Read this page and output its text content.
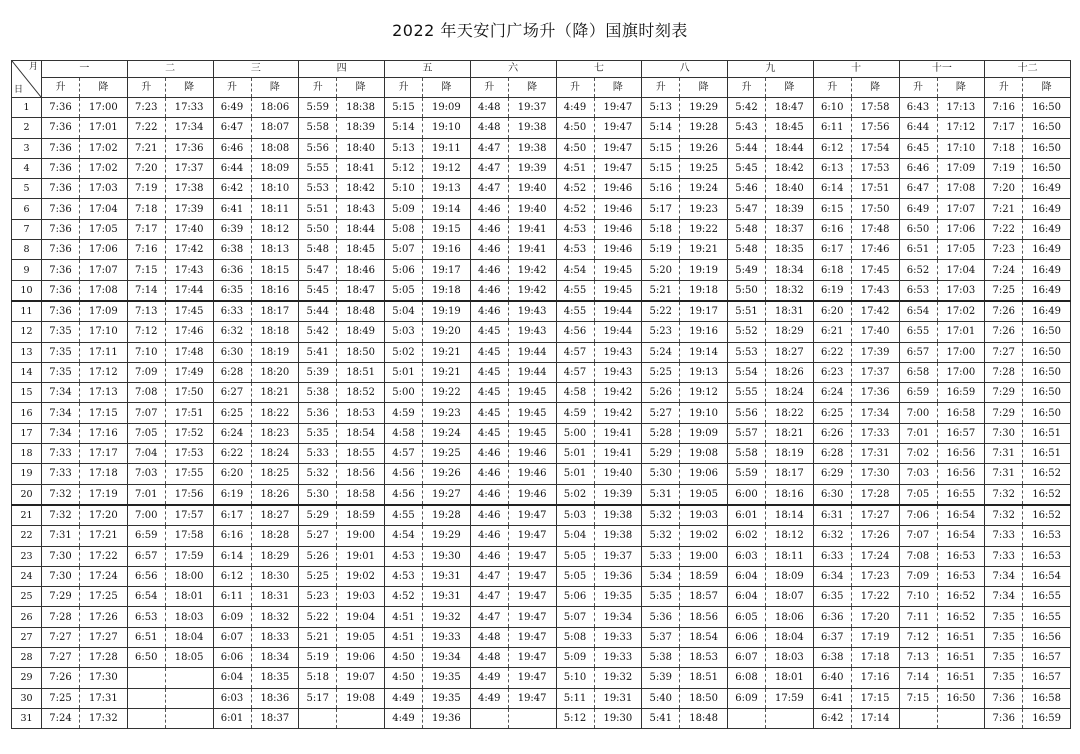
2022 年天安门广场升（降）国旗时刻表
月
日	一		二		三		四		五		六		七		八		九		十		十一		十二	
	升	降	升	降	升	降	升	降	升	降	升	降	升	降	升	降	升	降	升	降	升	降	升	降
1	7:36	17:00	7:23	17:33	6:49	18:06	5:59	18:38	5:15	19:09	4:48	19:37	4:49	19:47	5:13	19:29	5:42	18:47	6:10	17:58	6:43	17:13	7:16	16:50
2	7:36	17:01	7:22	17:34	6:47	18:07	5:58	18:39	5:14	19:10	4:48	19:38	4:50	19:47	5:14	19:28	5:43	18:45	6:11	17:56	6:44	17:12	7:17	16:50
3	7:36	17:02	7:21	17:36	6:46	18:08	5:56	18:40	5:13	19:11	4:47	19:38	4:50	19:47	5:15	19:26	5:44	18:44	6:12	17:54	6:45	17:10	7:18	16:50
4	7:36	17:02	7:20	17:37	6:44	18:09	5:55	18:41	5:12	19:12	4:47	19:39	4:51	19:47	5:15	19:25	5:45	18:42	6:13	17:53	6:46	17:09	7:19	16:50
5	7:36	17:03	7:19	17:38	6:42	18:10	5:53	18:42	5:10	19:13	4:47	19:40	4:52	19:46	5:16	19:24	5:46	18:40	6:14	17:51	6:47	17:08	7:20	16:49
6	7:36	17:04	7:18	17:39	6:41	18:11	5:51	18:43	5:09	19:14	4:46	19:40	4:52	19:46	5:17	19:23	5:47	18:39	6:15	17:50	6:49	17:07	7:21	16:49
7	7:36	17:05	7:17	17:40	6:39	18:12	5:50	18:44	5:08	19:15	4:46	19:41	4:53	19:46	5:18	19:22	5:48	18:37	6:16	17:48	6:50	17:06	7:22	16:49
8	7:36	17:06	7:16	17:42	6:38	18:13	5:48	18:45	5:07	19:16	4:46	19:41	4:53	19:46	5:19	19:21	5:48	18:35	6:17	17:46	6:51	17:05	7:23	16:49
9	7:36	17:07	7:15	17:43	6:36	18:15	5:47	18:46	5:06	19:17	4:46	19:42	4:54	19:45	5:20	19:19	5:49	18:34	6:18	17:45	6:52	17:04	7:24	16:49
10	7:36	17:08	7:14	17:44	6:35	18:16	5:45	18:47	5:05	19:18	4:46	19:42	4:55	19:45	5:21	19:18	5:50	18:32	6:19	17:43	6:53	17:03	7:25	16:49
11	7:36	17:09	7:13	17:45	6:33	18:17	5:44	18:48	5:04	19:19	4:46	19:43	4:55	19:44	5:22	19:17	5:51	18:31	6:20	17:42	6:54	17:02	7:26	16:49
12	7:35	17:10	7:12	17:46	6:32	18:18	5:42	18:49	5:03	19:20	4:45	19:43	4:56	19:44	5:23	19:16	5:52	18:29	6:21	17:40	6:55	17:01	7:26	16:50
13	7:35	17:11	7:10	17:48	6:30	18:19	5:41	18:50	5:02	19:21	4:45	19:44	4:57	19:43	5:24	19:14	5:53	18:27	6:22	17:39	6:57	17:00	7:27	16:50
14	7:35	17:12	7:09	17:49	6:28	18:20	5:39	18:51	5:01	19:21	4:45	19:44	4:57	19:43	5:25	19:13	5:54	18:26	6:23	17:37	6:58	17:00	7:28	16:50
15	7:34	17:13	7:08	17:50	6:27	18:21	5:38	18:52	5:00	19:22	4:45	19:45	4:58	19:42	5:26	19:12	5:55	18:24	6:24	17:36	6:59	16:59	7:29	16:50
16	7:34	17:15	7:07	17:51	6:25	18:22	5:36	18:53	4:59	19:23	4:45	19:45	4:59	19:42	5:27	19:10	5:56	18:22	6:25	17:34	7:00	16:58	7:29	16:50
17	7:34	17:16	7:05	17:52	6:24	18:23	5:35	18:54	4:58	19:24	4:45	19:45	5:00	19:41	5:28	19:09	5:57	18:21	6:26	17:33	7:01	16:57	7:30	16:51
18	7:33	17:17	7:04	17:53	6:22	18:24	5:33	18:55	4:57	19:25	4:46	19:46	5:01	19:41	5:29	19:08	5:58	18:19	6:28	17:31	7:02	16:56	7:31	16:51
19	7:33	17:18	7:03	17:55	6:20	18:25	5:32	18:56	4:56	19:26	4:46	19:46	5:01	19:40	5:30	19:06	5:59	18:17	6:29	17:30	7:03	16:56	7:31	16:52
20	7:32	17:19	7:01	17:56	6:19	18:26	5:30	18:58	4:56	19:27	4:46	19:46	5:02	19:39	5:31	19:05	6:00	18:16	6:30	17:28	7:05	16:55	7:32	16:52
21	7:32	17:20	7:00	17:57	6:17	18:27	5:29	18:59	4:55	19:28	4:46	19:47	5:03	19:38	5:32	19:03	6:01	18:14	6:31	17:27	7:06	16:54	7:32	16:52
22	7:31	17:21	6:59	17:58	6:16	18:28	5:27	19:00	4:54	19:29	4:46	19:47	5:04	19:38	5:32	19:02	6:02	18:12	6:32	17:26	7:07	16:54	7:33	16:53
23	7:30	17:22	6:57	17:59	6:14	18:29	5:26	19:01	4:53	19:30	4:46	19:47	5:05	19:37	5:33	19:00	6:03	18:11	6:33	17:24	7:08	16:53	7:33	16:53
24	7:30	17:24	6:56	18:00	6:12	18:30	5:25	19:02	4:53	19:31	4:47	19:47	5:05	19:36	5:34	18:59	6:04	18:09	6:34	17:23	7:09	16:53	7:34	16:54
25	7:29	17:25	6:54	18:01	6:11	18:31	5:23	19:03	4:52	19:31	4:47	19:47	5:06	19:35	5:35	18:57	6:04	18:07	6:35	17:22	7:10	16:52	7:34	16:55
26	7:28	17:26	6:53	18:03	6:09	18:32	5:22	19:04	4:51	19:32	4:47	19:47	5:07	19:34	5:36	18:56	6:05	18:06	6:36	17:20	7:11	16:52	7:35	16:55
27	7:27	17:27	6:51	18:04	6:07	18:33	5:21	19:05	4:51	19:33	4:48	19:47	5:08	19:33	5:37	18:54	6:06	18:04	6:37	17:19	7:12	16:51	7:35	16:56
28	7:27	17:28	6:50	18:05	6:06	18:34	5:19	19:06	4:50	19:34	4:48	19:47	5:09	19:33	5:38	18:53	6:07	18:03	6:38	17:18	7:13	16:51	7:35	16:57
29	7:26	17:30			6:04	18:35	5:18	19:07	4:50	19:35	4:49	19:47	5:10	19:32	5:39	18:51	6:08	18:01	6:40	17:16	7:14	16:51	7:35	16:57
30	7:25	17:31			6:03	18:36	5:17	19:08	4:49	19:35	4:49	19:47	5:11	19:31	5:40	18:50	6:09	17:59	6:41	17:15	7:15	16:50	7:36	16:58
31	7:24	17:32			6:01	18:37			4:49	19:36			5:12	19:30	5:41	18:48			6:42	17:14			7:36	16:59
